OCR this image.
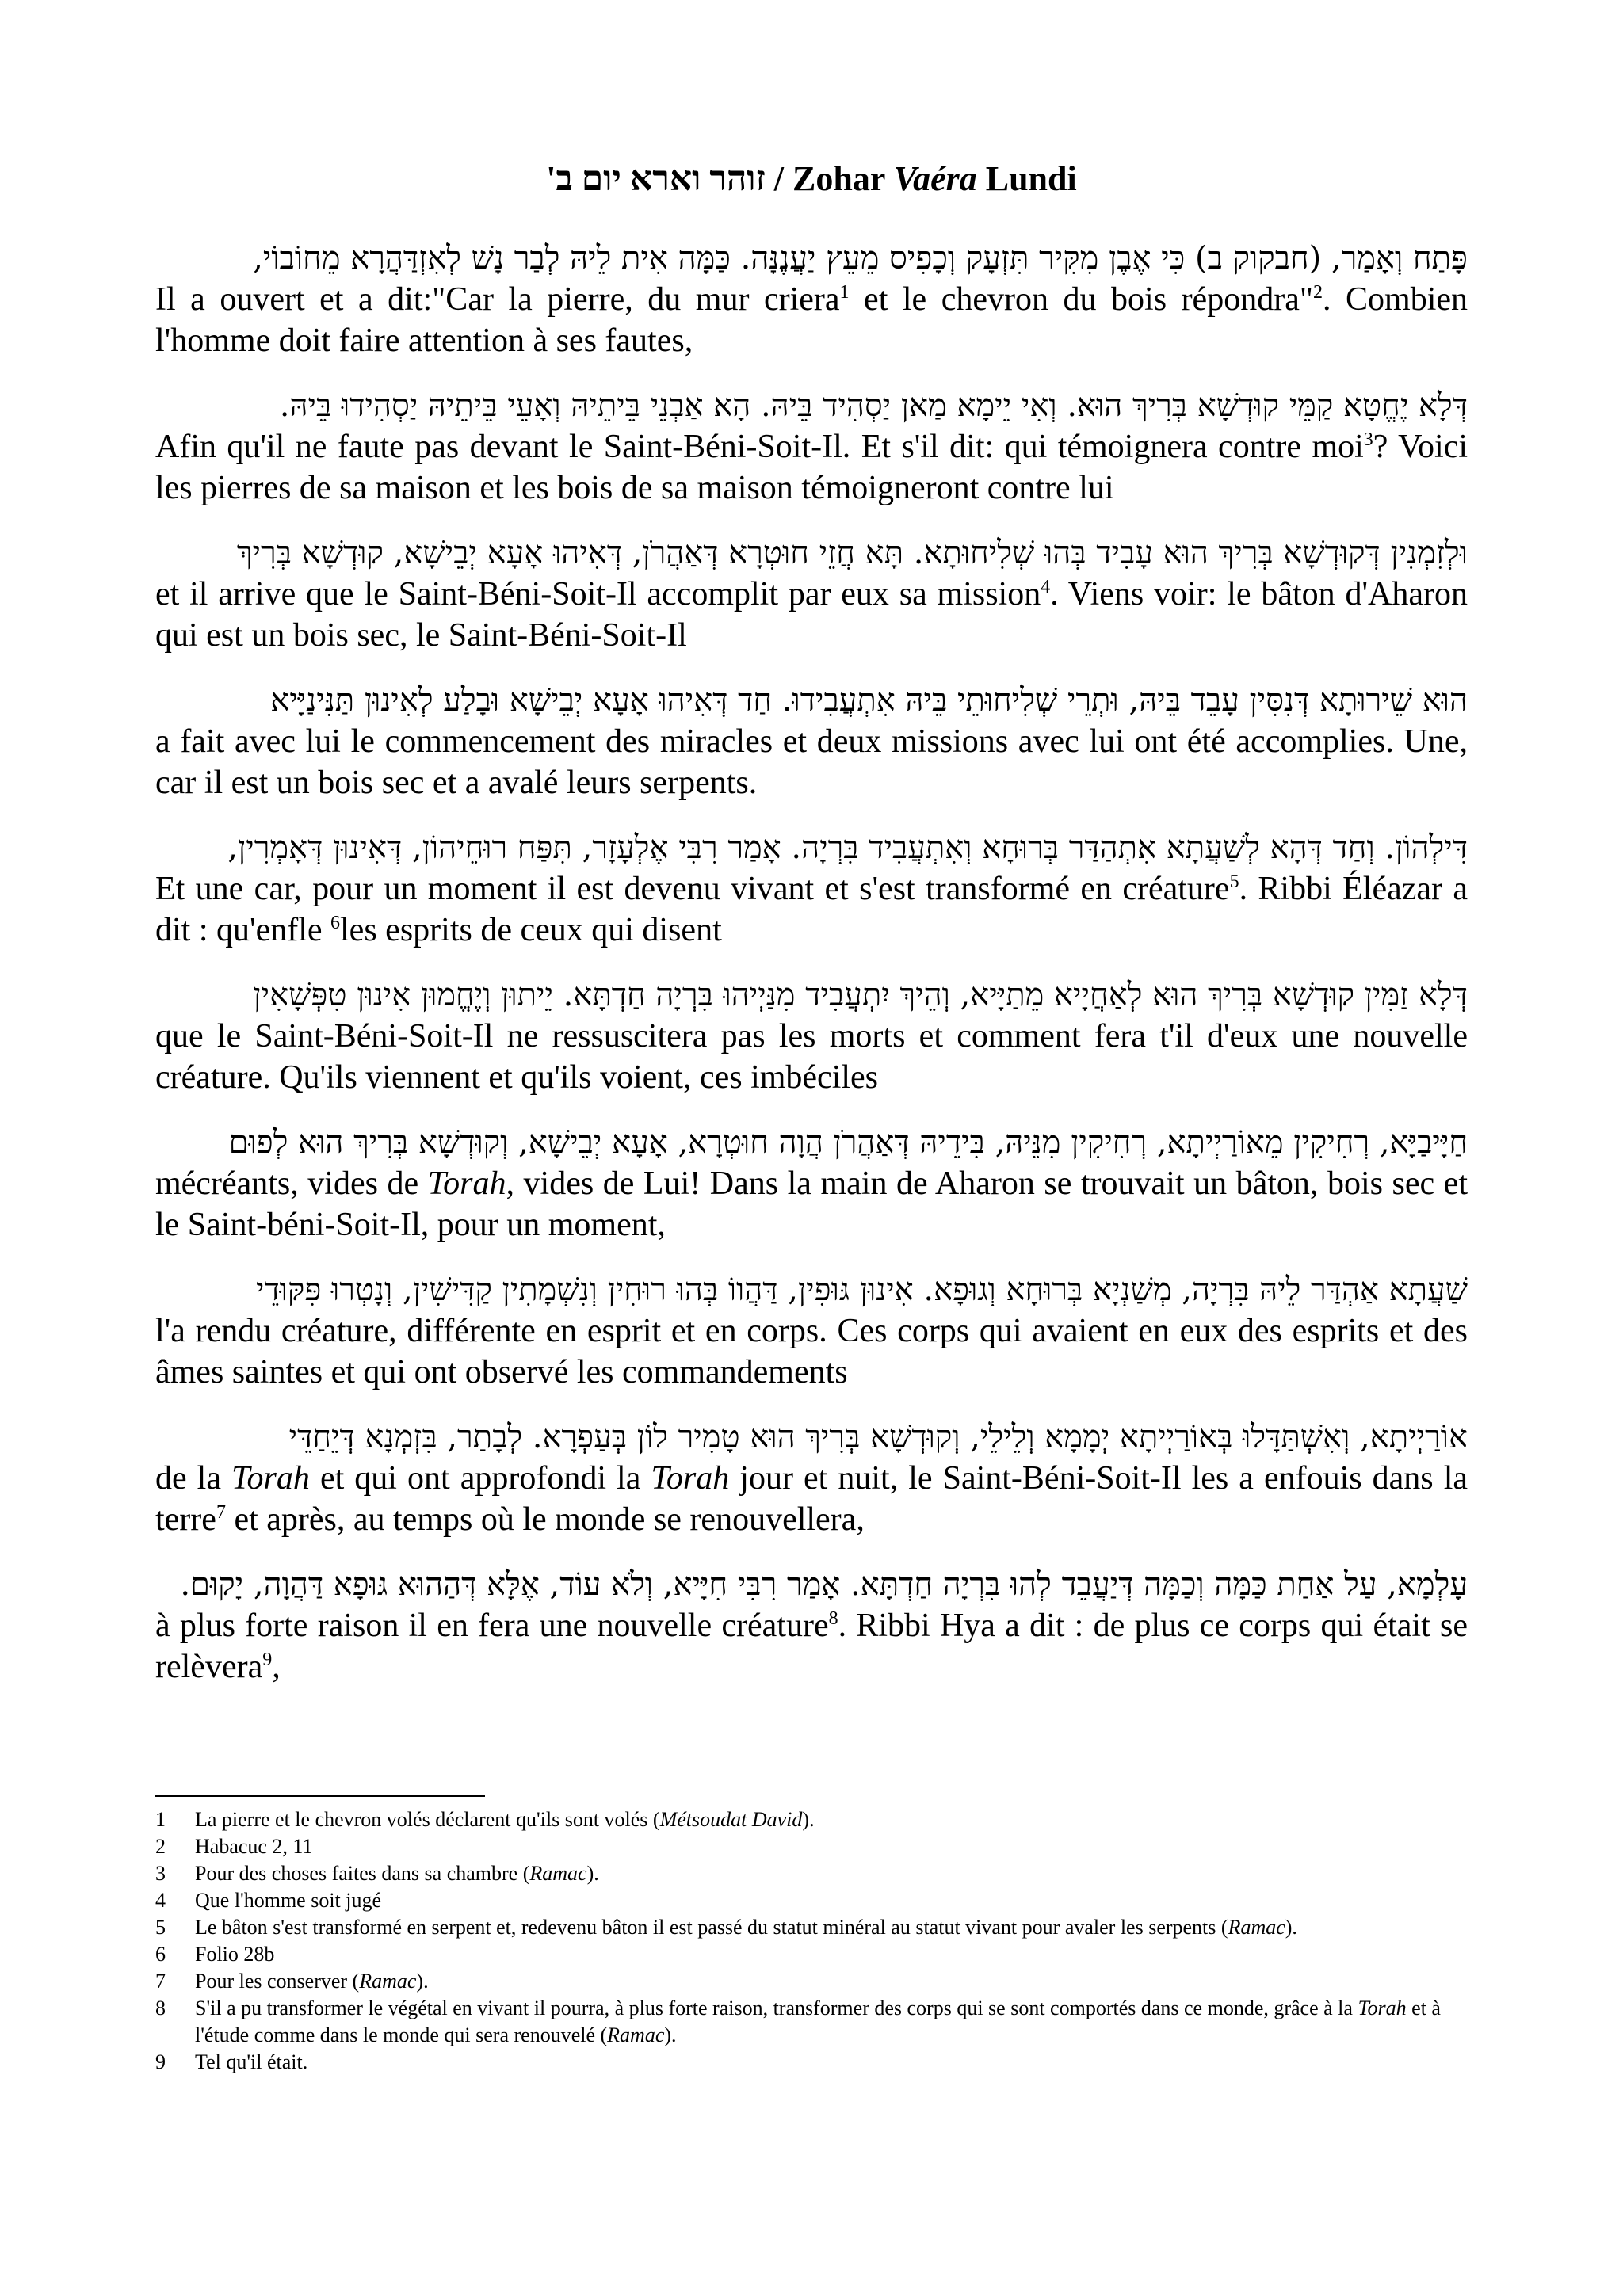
זוהר וארא יום ב' / Zohar Vaéra Lundi
פָּתַח וְאָמַר, (חבקוק ב) כִּי אֶבֶן מִקִּיר תִּזְעָק וְכָפִיס מֵעֵץ יַעֲנֶנָּה. כַּמָּה אִית לֵיהּ לְבַר נָשׁ לְאִזְדַּהֲרָא מֵחוֹבוֹי,
Il a ouvert et a dit:"Car la pierre, du mur criera$^1$ et le chevron du bois répondra"$^2$. Combien l'homme doit faire attention à ses fautes,
דְּלָא יֶחֱטָא קַמֵּי קוּדְשָׁא בְּרִיךְ הוּא. וְאִי יֵימָא מַאן יַסְהִיד בֵּיהּ. הָא אַבְנֵי בֵּיתֵיהּ וְאָעֵי בֵּיתֵיהּ יַסְהִידוּ בֵּיהּ.
Afin qu'il ne faute pas devant le Saint-Béni-Soit-Il. Et s'il dit: qui témoignera contre moi$^3$? Voici les pierres de sa maison et les bois de sa maison témoigneront contre lui
וּלְזִמְנִין דְּקוּדְשָׁא בְּרִיךְ הוּא עָבִיד בְּהוּ שְׁלִיחוּתָא. תָּא חֲזֵי חוּטְרָא דְּאַהֲרֹן, דְּאִיהוּ אָעָא יְבֵישָׁא, קוּדְשָׁא בְּרִיךְ
et il arrive que le Saint-Béni-Soit-Il accomplit par eux sa mission$^4$. Viens voir: le bâton d'Aharon qui est un bois sec, le Saint-Béni-Soit-Il
הוּא שֵׁירוּתָא דְּנִסִּין עָבֵד בֵּיהּ, וּתְרֵי שְׁלִיחוּתֵי בֵּיהּ אִתְעֲבִידוּ. חַד דְּאִיהוּ אָעָא יְבֵישָׁא וּבָלַע לְאִינוּן תַּנִּינַיָּיא
a fait avec lui le commencement des miracles et deux missions avec lui ont été accomplies. Une, car il est un bois sec et a avalé leurs serpents.
דִּילְהוֹן. וְחַד דְּהָא לְשַׁעֲתָא אִתְהַדַּר בְּרוּחָא וְאִתְעֲבִיד בִּרְיָה. אָמַר רִבִּי אֶלְעָזָר, תִּפַּח רוּחֵיהוֹן, דְּאִינוּן דְּאָמְרִין,
Et une car, pour un moment il est devenu vivant et s'est transformé en créature$^5$. Ribbi Éléazar a dit : qu'enfle $^6$les esprits de ceux qui disent
דְּלָא זַמִּין קוּדְשָׁא בְּרִיךְ הוּא לְאַחֲיָיא מֵתַיָּיא, וְהֵיךְ יִתְעֲבִיד מִנַּיְיהוּ בִּרְיָה חַדְתָּא. יֵיתוּן וְיֶחֱמוּן אִינוּן טִפְּשָׁאִין
que le Saint-Béni-Soit-Il ne ressuscitera pas les morts et comment fera t'il d'eux une nouvelle créature. Qu'ils viennent et qu'ils voient, ces imbéciles
חַיָּיבַיָּא, רְחִיקִין מֵאוֹרַיְיתָא, רְחִיקִין מִנֵּיהּ, בִּידֵיהּ דְּאַהֲרֹן הֲוָה חוּטְרָא, אָעָא יְבֵישָׁא, וְקוּדְשָׁא בְּרִיךְ הוּא לְפוּם
mécréants, vides de Torah, vides de Lui! Dans la main de Aharon se trouvait un bâton, bois sec et le Saint-béni-Soit-Il, pour un moment,
שַׁעֲתָא אַהְדַּר לֵיהּ בִּרְיָה, מְשַׁנְיָא בְּרוּחָא וְגוּפָא. אִינוּן גּוּפִין, דַּהֲווֹ בְּהוּ רוּחִין וְנִשְׁמָתִין קַדִּישִׁין, וְנָטְרוּ פִּקּוּדֵי
l'a rendu créature, différente en esprit et en corps. Ces corps qui avaient en eux des esprits et des âmes saintes et qui ont observé les commandements
אוֹרַיְיתָא, וְאִשְׁתַּדָּלוּ בְּאוֹרַיְיתָא יְמָמָא וְלֵילֵי, וְקוּדְשָׁא בְּרִיךְ הוּא טָמִיר לוֹן בְּעַפְרָא. לְבָתַר, בִּזְמְנָא דְּיֵחַדֵּי
de la Torah et qui ont approfondi la Torah jour et nuit, le Saint-Béni-Soit-Il les a enfouis dans la terre$^7$ et après, au temps où le monde se renouvellera,
עָלְמָא, עַל אַחַת כַּמָּה וְכַמָּה דְּיַעֲבֵד לְהוּ בִּרְיָה חַדְתָּא. אָמַר רִבִּי חִיָּיא, וְלֹא עוֹד, אֶלָּא דְּהַהוּא גּוּפָא דַּהֲוָה, יָקוּם.
à plus forte raison il en fera une nouvelle créature$^8$. Ribbi Hya a dit : de plus ce corps qui était se relèvera$^9$,
1	La pierre et le chevron volés déclarent qu'ils sont volés (Métsoudat David).
2	Habacuc 2, 11
3	Pour des choses faites dans sa chambre (Ramac).
4	Que l'homme soit jugé
5	Le bâton s'est transformé en serpent et, redevenu bâton il est passé du statut minéral au statut vivant pour avaler les serpents (Ramac).
6	Folio 28b
7	Pour les conserver (Ramac).
8	S'il a pu transformer le végétal en vivant il pourra, à plus forte raison, transformer des corps qui se sont comportés dans ce monde, grâce à la Torah et à l'étude comme dans le monde qui sera renouvelé (Ramac).
9	Tel qu'il était.
